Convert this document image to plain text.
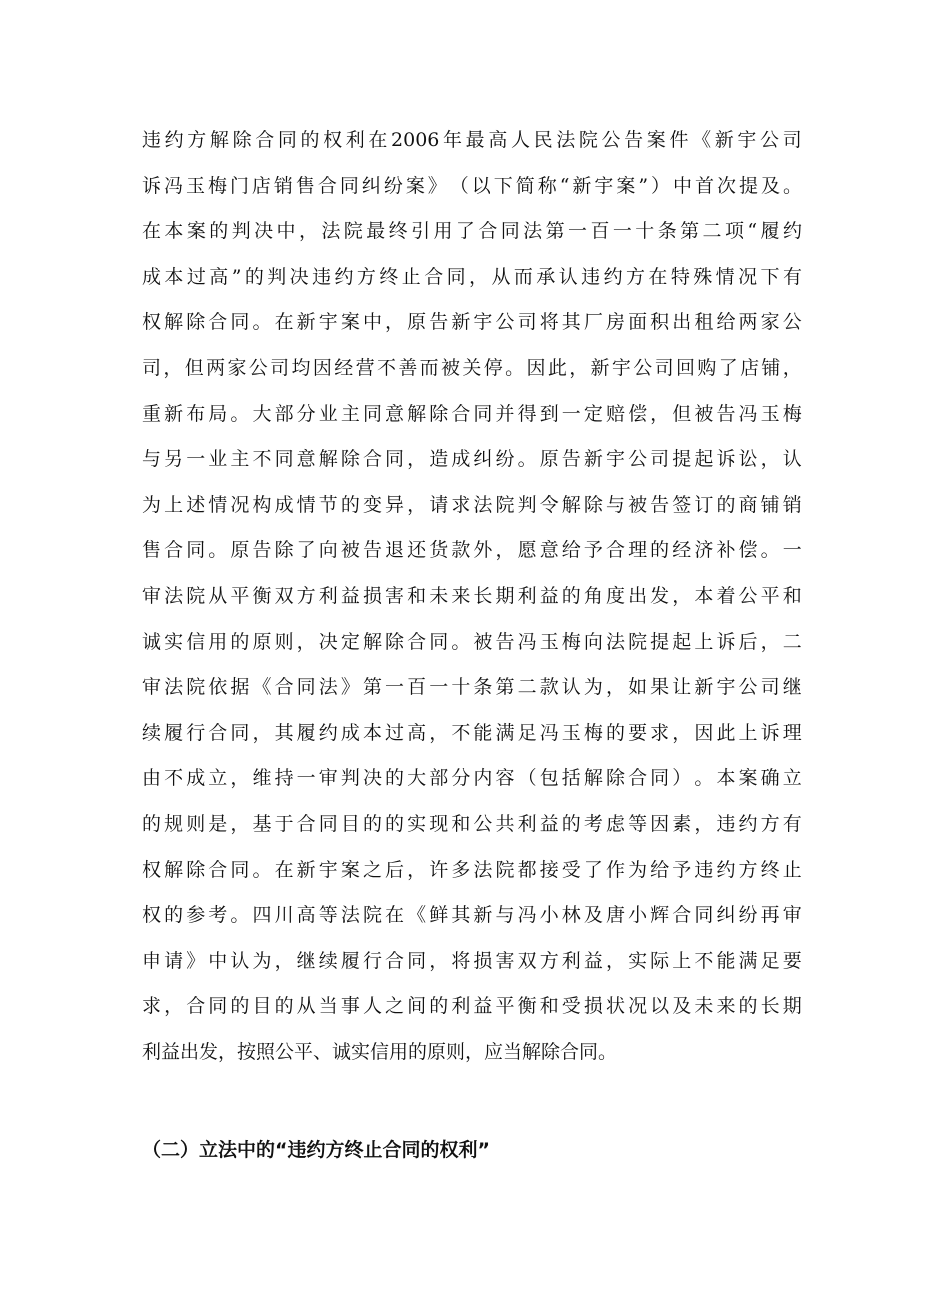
违 约 方 解 除 合 同 的 权 利 在 2006 年 最 高 人 民 法 院 公 告 案 件 《 新 宇 公 司
诉 冯 玉 梅 门 店 销 售 合 同 纠 纷 案 》 （ 以 下 简 称 “ 新 宇 案 ” ） 中 首 次 提 及 。
在 本 案 的 判 决 中 ， 法 院 最 终 引 用 了 合 同 法 第 一 百 一 十 条 第 二 项 “ 履 约
成 本 过 高 ” 的 判 决 违 约 方 终 止 合 同 ， 从 而 承 认 违 约 方 在 特 殊 情 况 下 有
权 解 除 合 同 。 在 新 宇 案 中 ， 原 告 新 宇 公 司 将 其 厂 房 面 积 出 租 给 两 家 公
司 ， 但 两 家 公 司 均 因 经 营 不 善 而 被 关 停 。 因 此 ， 新 宇 公 司 回 购 了 店 铺 ，
重 新 布 局 。 大 部 分 业 主 同 意 解 除 合 同 并 得 到 一 定 赔 偿 ， 但 被 告 冯 玉 梅
与 另 一 业 主 不 同 意 解 除 合 同 ， 造 成 纠 纷 。 原 告 新 宇 公 司 提 起 诉 讼 ， 认
为 上 述 情 况 构 成 情 节 的 变 异 ， 请 求 法 院 判 令 解 除 与 被 告 签 订 的 商 铺 销
售 合 同 。 原 告 除 了 向 被 告 退 还 货 款 外 ， 愿 意 给 予 合 理 的 经 济 补 偿 。 一
审 法 院 从 平 衡 双 方 利 益 损 害 和 未 来 长 期 利 益 的 角 度 出 发 ， 本 着 公 平 和
诚 实 信 用 的 原 则 ， 决 定 解 除 合 同 。 被 告 冯 玉 梅 向 法 院 提 起 上 诉 后 ， 二
审 法 院 依 据 《 合 同 法 》 第 一 百 一 十 条 第 二 款 认 为 ， 如 果 让 新 宇 公 司 继
续 履 行 合 同 ， 其 履 约 成 本 过 高 ， 不 能 满 足 冯 玉 梅 的 要 求 ， 因 此 上 诉 理
由 不 成 立 ， 维 持 一 审 判 决 的 大 部 分 内 容 （ 包 括 解 除 合 同 ） 。 本 案 确 立
的 规 则 是 ， 基 于 合 同 目 的 的 实 现 和 公 共 利 益 的 考 虑 等 因 素 ， 违 约 方 有
权 解 除 合 同 。 在 新 宇 案 之 后 ， 许 多 法 院 都 接 受 了 作 为 给 予 违 约 方 终 止
权 的 参 考 。 四 川 高 等 法 院 在 《 鲜 其 新 与 冯 小 林 及 唐 小 辉 合 同 纠 纷 再 审
申 请 》 中 认 为 ， 继 续 履 行 合 同 ， 将 损 害 双 方 利 益 ， 实 际 上 不 能 满 足 要
求 ， 合 同 的 目 的 从 当 事 人 之 间 的 利 益 平 衡 和 受 损 状 况 以 及 未 来 的 长 期
利益出发，按照公平、诚实信用的原则，应当解除合同。
（二）立法中的“违约方终止合同的权利”
